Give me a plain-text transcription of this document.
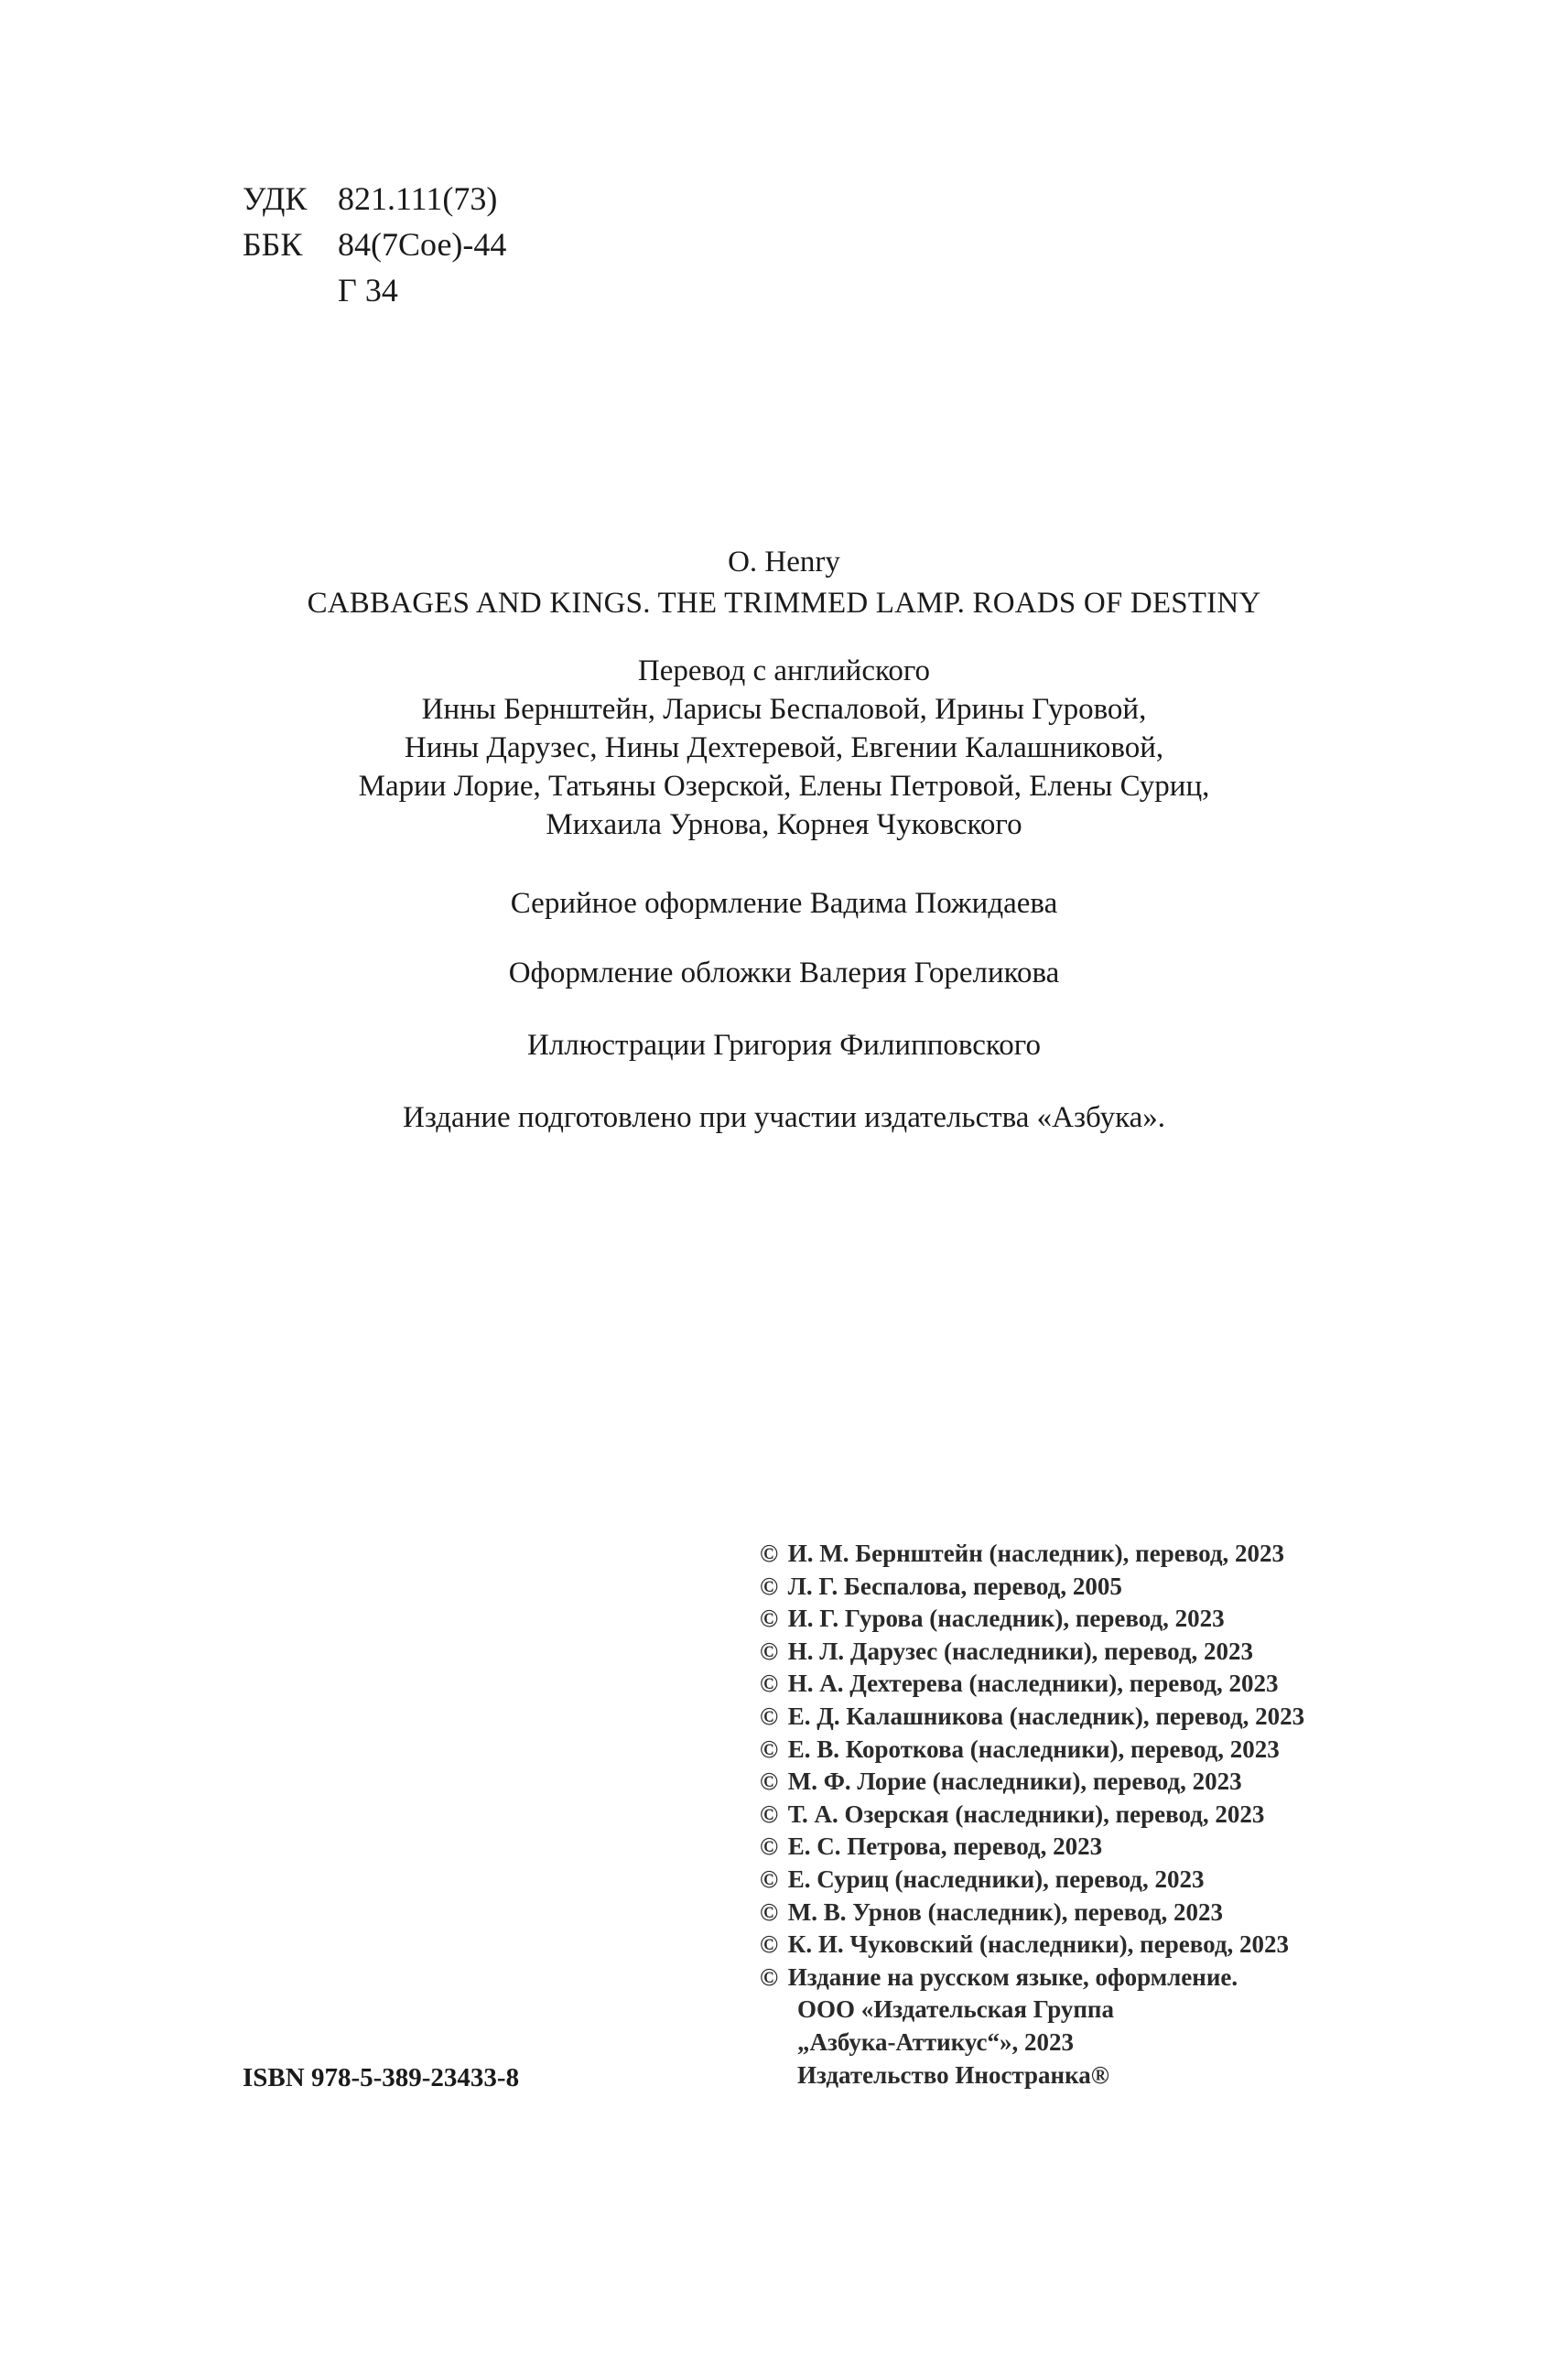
УДК 821.111(73)
ББК 84(7Сое)-44
Г 34
O. Henry
CABBAGES AND KINGS. THE TRIMMED LAMP. ROADS OF DESTINY
Перевод с английского
Инны Бернштейн, Ларисы Беспаловой, Ирины Гуровой,
Нины Дарузес, Нины Дехтеревой, Евгении Калашниковой,
Марии Лорие, Татьяны Озерской, Елены Петровой, Елены Суриц,
Михаила Урнова, Корнея Чуковского
Серийное оформление Вадима Пожидаева
Оформление обложки Валерия Гореликова
Иллюстрации Григория Филипповского
Издание подготовлено при участии издательства «Азбука».
© И. М. Бернштейн (наследник), перевод, 2023
© Л. Г. Беспалова, перевод, 2005
© И. Г. Гурова (наследник), перевод, 2023
© Н. Л. Дарузес (наследники), перевод, 2023
© Н. А. Дехтерева (наследники), перевод, 2023
© Е. Д. Калашникова (наследник), перевод, 2023
© Е. В. Короткова (наследники), перевод, 2023
© М. Ф. Лорие (наследники), перевод, 2023
© Т. А. Озерская (наследники), перевод, 2023
© Е. С. Петрова, перевод, 2023
© Е. Суриц (наследники), перевод, 2023
© М. В. Урнов (наследник), перевод, 2023
© К. И. Чуковский (наследники), перевод, 2023
© Издание на русском языке, оформление.
ООО «Издательская Группа
„Азбука-Аттикус“», 2023
Издательство Иностранка®
ISBN 978-5-389-23433-8
